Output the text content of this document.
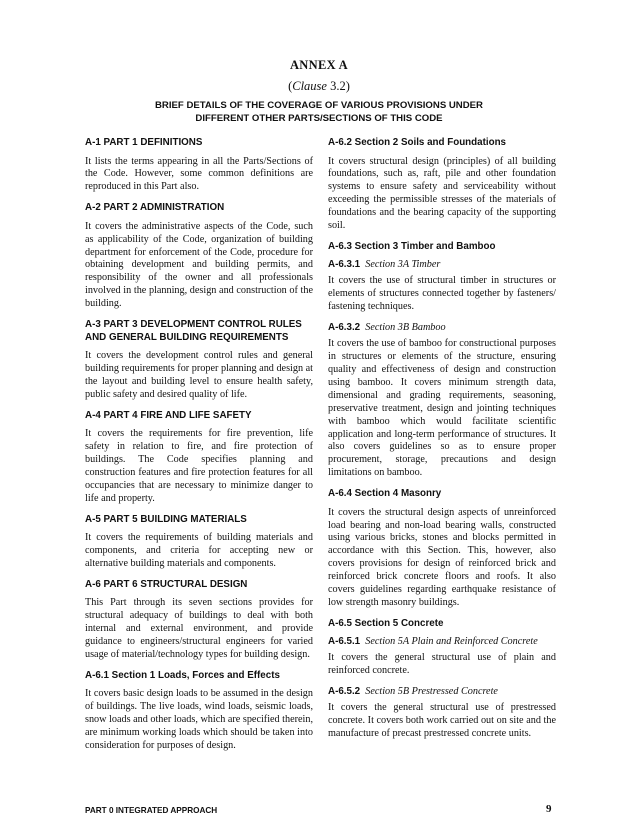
ANNEX A
(Clause 3.2)
BRIEF DETAILS OF THE COVERAGE OF VARIOUS PROVISIONS UNDER
DIFFERENT OTHER PARTS/SECTIONS OF THIS CODE
A-1 PART 1 DEFINITIONS

It lists the terms appearing in all the Parts/Sections of the Code. However, some common definitions are reproduced in this Part also.

A-2 PART 2 ADMINISTRATION

It covers the administrative aspects of the Code, such as applicability of the Code, organization of building department for enforcement of the Code, procedure for obtaining development and building permits, and responsibility of the owner and all professionals involved in the planning, design and construction of the building.

A-3 PART 3 DEVELOPMENT CONTROL RULES AND GENERAL BUILDING REQUIREMENTS

It covers the development control rules and general building requirements for proper planning and design at the layout and building level to ensure health safety, public safety and desired quality of life.

A-4 PART 4 FIRE AND LIFE SAFETY

It covers the requirements for fire prevention, life safety in relation to fire, and fire protection of buildings. The Code specifies planning and construction features and fire protection features for all occupancies that are necessary to minimize danger to life and property.

A-5 PART 5 BUILDING MATERIALS

It covers the requirements of building materials and components, and criteria for accepting new or alternative building materials and components.

A-6 PART 6 STRUCTURAL DESIGN

This Part through its seven sections provides for structural adequacy of buildings to deal with both internal and external environment, and provide guidance to engineers/structural engineers for varied usage of material/technology types for building design.

A-6.1 Section 1 Loads, Forces and Effects

It covers basic design loads to be assumed in the design of buildings. The live loads, wind loads, seismic loads, snow loads and other loads, which are specified therein, are minimum working loads which should be taken into consideration for purposes of design.

A-6.2 Section 2 Soils and Foundations

It covers structural design (principles) of all building foundations, such as, raft, pile and other foundation systems to ensure safety and serviceability without exceeding the permissible stresses of the materials of foundations and the bearing capacity of the supporting soil.

A-6.3 Section 3 Timber and Bamboo
A-6.3.1 Section 3A Timber

It covers the use of structural timber in structures or elements of structures connected together by fasteners/ fastening techniques.

A-6.3.2 Section 3B Bamboo

It covers the use of bamboo for constructional purposes in structures or elements of the structure, ensuring quality and effectiveness of design and construction using bamboo. It covers minimum strength data, dimensional and grading requirements, seasoning, preservative treatment, design and jointing techniques with bamboo which would facilitate scientific application and long-term performance of structures. It also covers guidelines so as to ensure proper procurement, storage, precautions and design limitations on bamboo.

A-6.4 Section 4 Masonry

It covers the structural design aspects of unreinforced load bearing and non-load bearing walls, constructed using various bricks, stones and blocks permitted in accordance with this Section. This, however, also covers provisions for design of reinforced brick and reinforced brick concrete floors and roofs. It also covers guidelines regarding earthquake resistance of low strength masonry buildings.

A-6.5 Section 5 Concrete
A-6.5.1 Section 5A Plain and Reinforced Concrete

It covers the general structural use of plain and reinforced concrete.

A-6.5.2 Section 5B Prestressed Concrete

It covers the general structural use of prestressed concrete. It covers both work carried out on site and the manufacture of precast prestressed concrete units.

PART 0 INTEGRATED APPROACH	9
